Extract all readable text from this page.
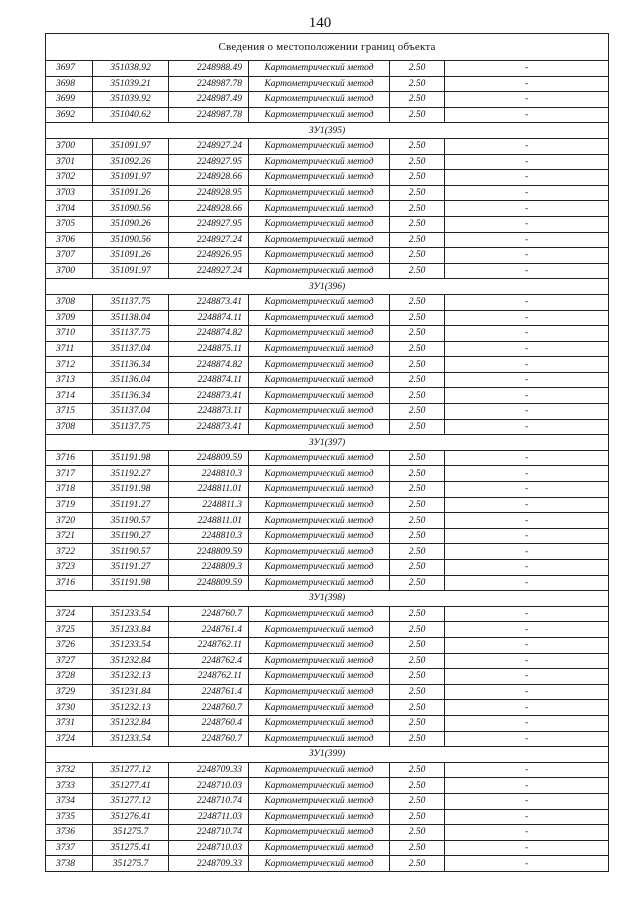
140
Сведения о местоположении границ объекта					
3697	351038.92	2248988.49	Картометрический метод	2.50	-
3698	351039.21	2248987.78	Картометрический метод	2.50	-
3699	351039.92	2248987.49	Картометрический метод	2.50	-
3692	351040.62	2248987.78	Картометрический метод	2.50	-
ЗУ1(395)					
3700	351091.97	2248927.24	Картометрический метод	2.50	-
3701	351092.26	2248927.95	Картометрический метод	2.50	-
3702	351091.97	2248928.66	Картометрический метод	2.50	-
3703	351091.26	2248928.95	Картометрический метод	2.50	-
3704	351090.56	2248928.66	Картометрический метод	2.50	-
3705	351090.26	2248927.95	Картометрический метод	2.50	-
3706	351090.56	2248927.24	Картометрический метод	2.50	-
3707	351091.26	2248926.95	Картометрический метод	2.50	-
3700	351091.97	2248927.24	Картометрический метод	2.50	-
ЗУ1(396)					
3708	351137.75	2248873.41	Картометрический метод	2.50	-
3709	351138.04	2248874.11	Картометрический метод	2.50	-
3710	351137.75	2248874.82	Картометрический метод	2.50	-
3711	351137.04	2248875.11	Картометрический метод	2.50	-
3712	351136.34	2248874.82	Картометрический метод	2.50	-
3713	351136.04	2248874.11	Картометрический метод	2.50	-
3714	351136.34	2248873.41	Картометрический метод	2.50	-
3715	351137.04	2248873.11	Картометрический метод	2.50	-
3708	351137.75	2248873.41	Картометрический метод	2.50	-
ЗУ1(397)					
3716	351191.98	2248809.59	Картометрический метод	2.50	-
3717	351192.27	2248810.3	Картометрический метод	2.50	-
3718	351191.98	2248811.01	Картометрический метод	2.50	-
3719	351191.27	2248811.3	Картометрический метод	2.50	-
3720	351190.57	2248811.01	Картометрический метод	2.50	-
3721	351190.27	2248810.3	Картометрический метод	2.50	-
3722	351190.57	2248809.59	Картометрический метод	2.50	-
3723	351191.27	2248809.3	Картометрический метод	2.50	-
3716	351191.98	2248809.59	Картометрический метод	2.50	-
ЗУ1(398)					
3724	351233.54	2248760.7	Картометрический метод	2.50	-
3725	351233.84	2248761.4	Картометрический метод	2.50	-
3726	351233.54	2248762.11	Картометрический метод	2.50	-
3727	351232.84	2248762.4	Картометрический метод	2.50	-
3728	351232.13	2248762.11	Картометрический метод	2.50	-
3729	351231.84	2248761.4	Картометрический метод	2.50	-
3730	351232.13	2248760.7	Картометрический метод	2.50	-
3731	351232.84	2248760.4	Картометрический метод	2.50	-
3724	351233.54	2248760.7	Картометрический метод	2.50	-
ЗУ1(399)					
3732	351277.12	2248709.33	Картометрический метод	2.50	-
3733	351277.41	2248710.03	Картометрический метод	2.50	-
3734	351277.12	2248710.74	Картометрический метод	2.50	-
3735	351276.41	2248711.03	Картометрический метод	2.50	-
3736	351275.7	2248710.74	Картометрический метод	2.50	-
3737	351275.41	2248710.03	Картометрический метод	2.50	-
3738	351275.7	2248709.33	Картометрический метод	2.50	-
